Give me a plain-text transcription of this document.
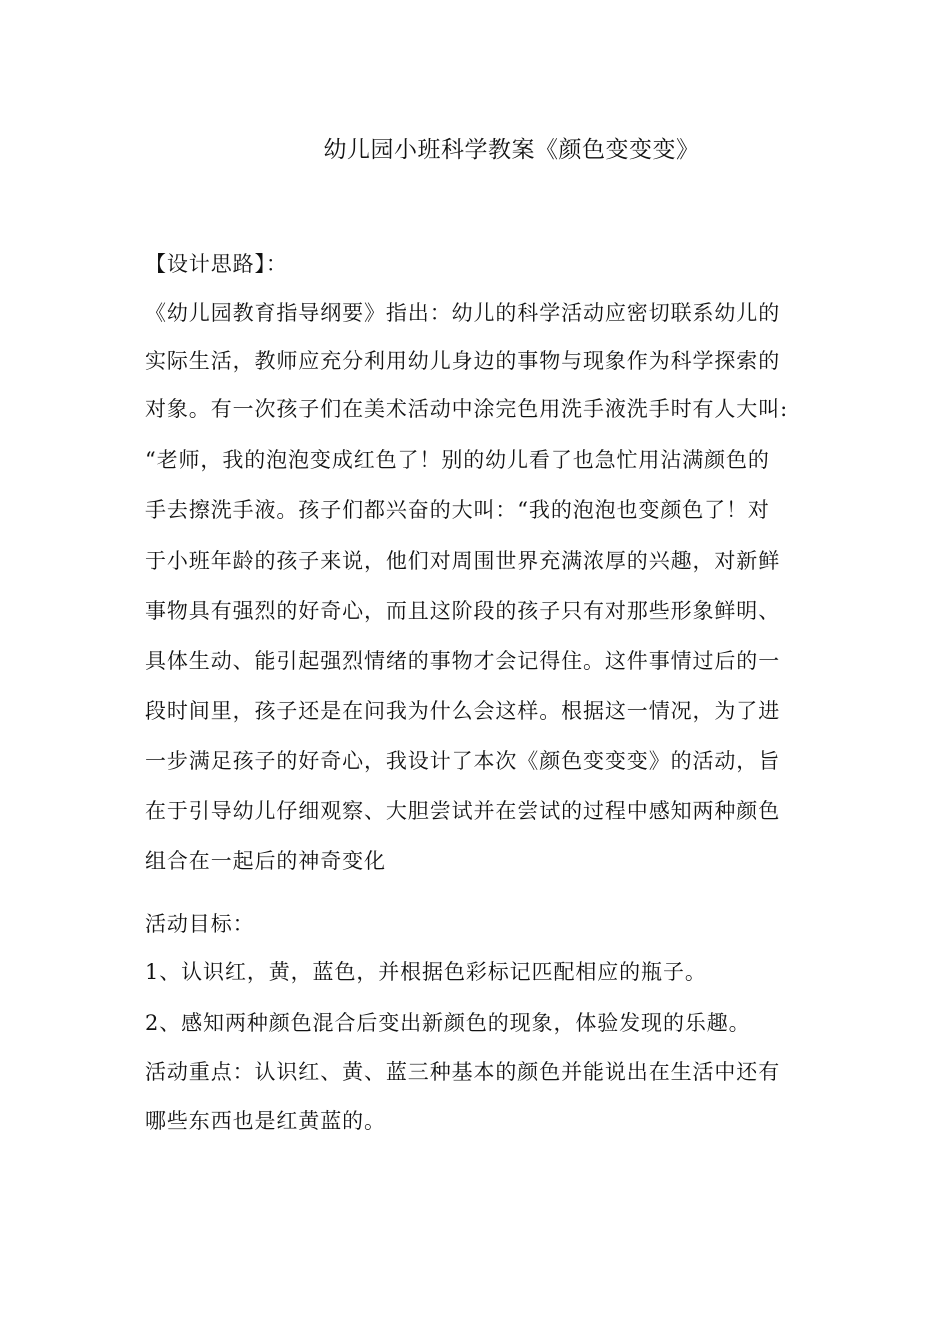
幼儿园小班科学教案《颜色变变变》
【设计思路】：
《幼儿园教育指导纲要》指出：幼儿的科学活动应密切联系幼儿的
实际生活，教师应充分利用幼儿身边的事物与现象作为科学探索的
对象。有一次孩子们在美术活动中涂完色用洗手液洗手时有人大叫:
“老师，我的泡泡变成红色了！别的幼儿看了也急忙用沾满颜色的
手去擦洗手液。孩子们都兴奋的大叫：“我的泡泡也变颜色了！对
于小班年龄的孩子来说，他们对周围世界充满浓厚的兴趣，对新鲜
事物具有强烈的好奇心，而且这阶段的孩子只有对那些形象鲜明、
具体生动、能引起强烈情绪的事物才会记得住。这件事情过后的一
段时间里，孩子还是在问我为什么会这样。根据这一情况，为了进
一步满足孩子的好奇心，我设计了本次《颜色变变变》的活动，旨
在于引导幼儿仔细观察、大胆尝试并在尝试的过程中感知两种颜色
组合在一起后的神奇变化
活动目标：
1、认识红，黄，蓝色，并根据色彩标记匹配相应的瓶子。
2、感知两种颜色混合后变出新颜色的现象，体验发现的乐趣。
活动重点：认识红、黄、蓝三种基本的颜色并能说出在生活中还有
哪些东西也是红黄蓝的。
